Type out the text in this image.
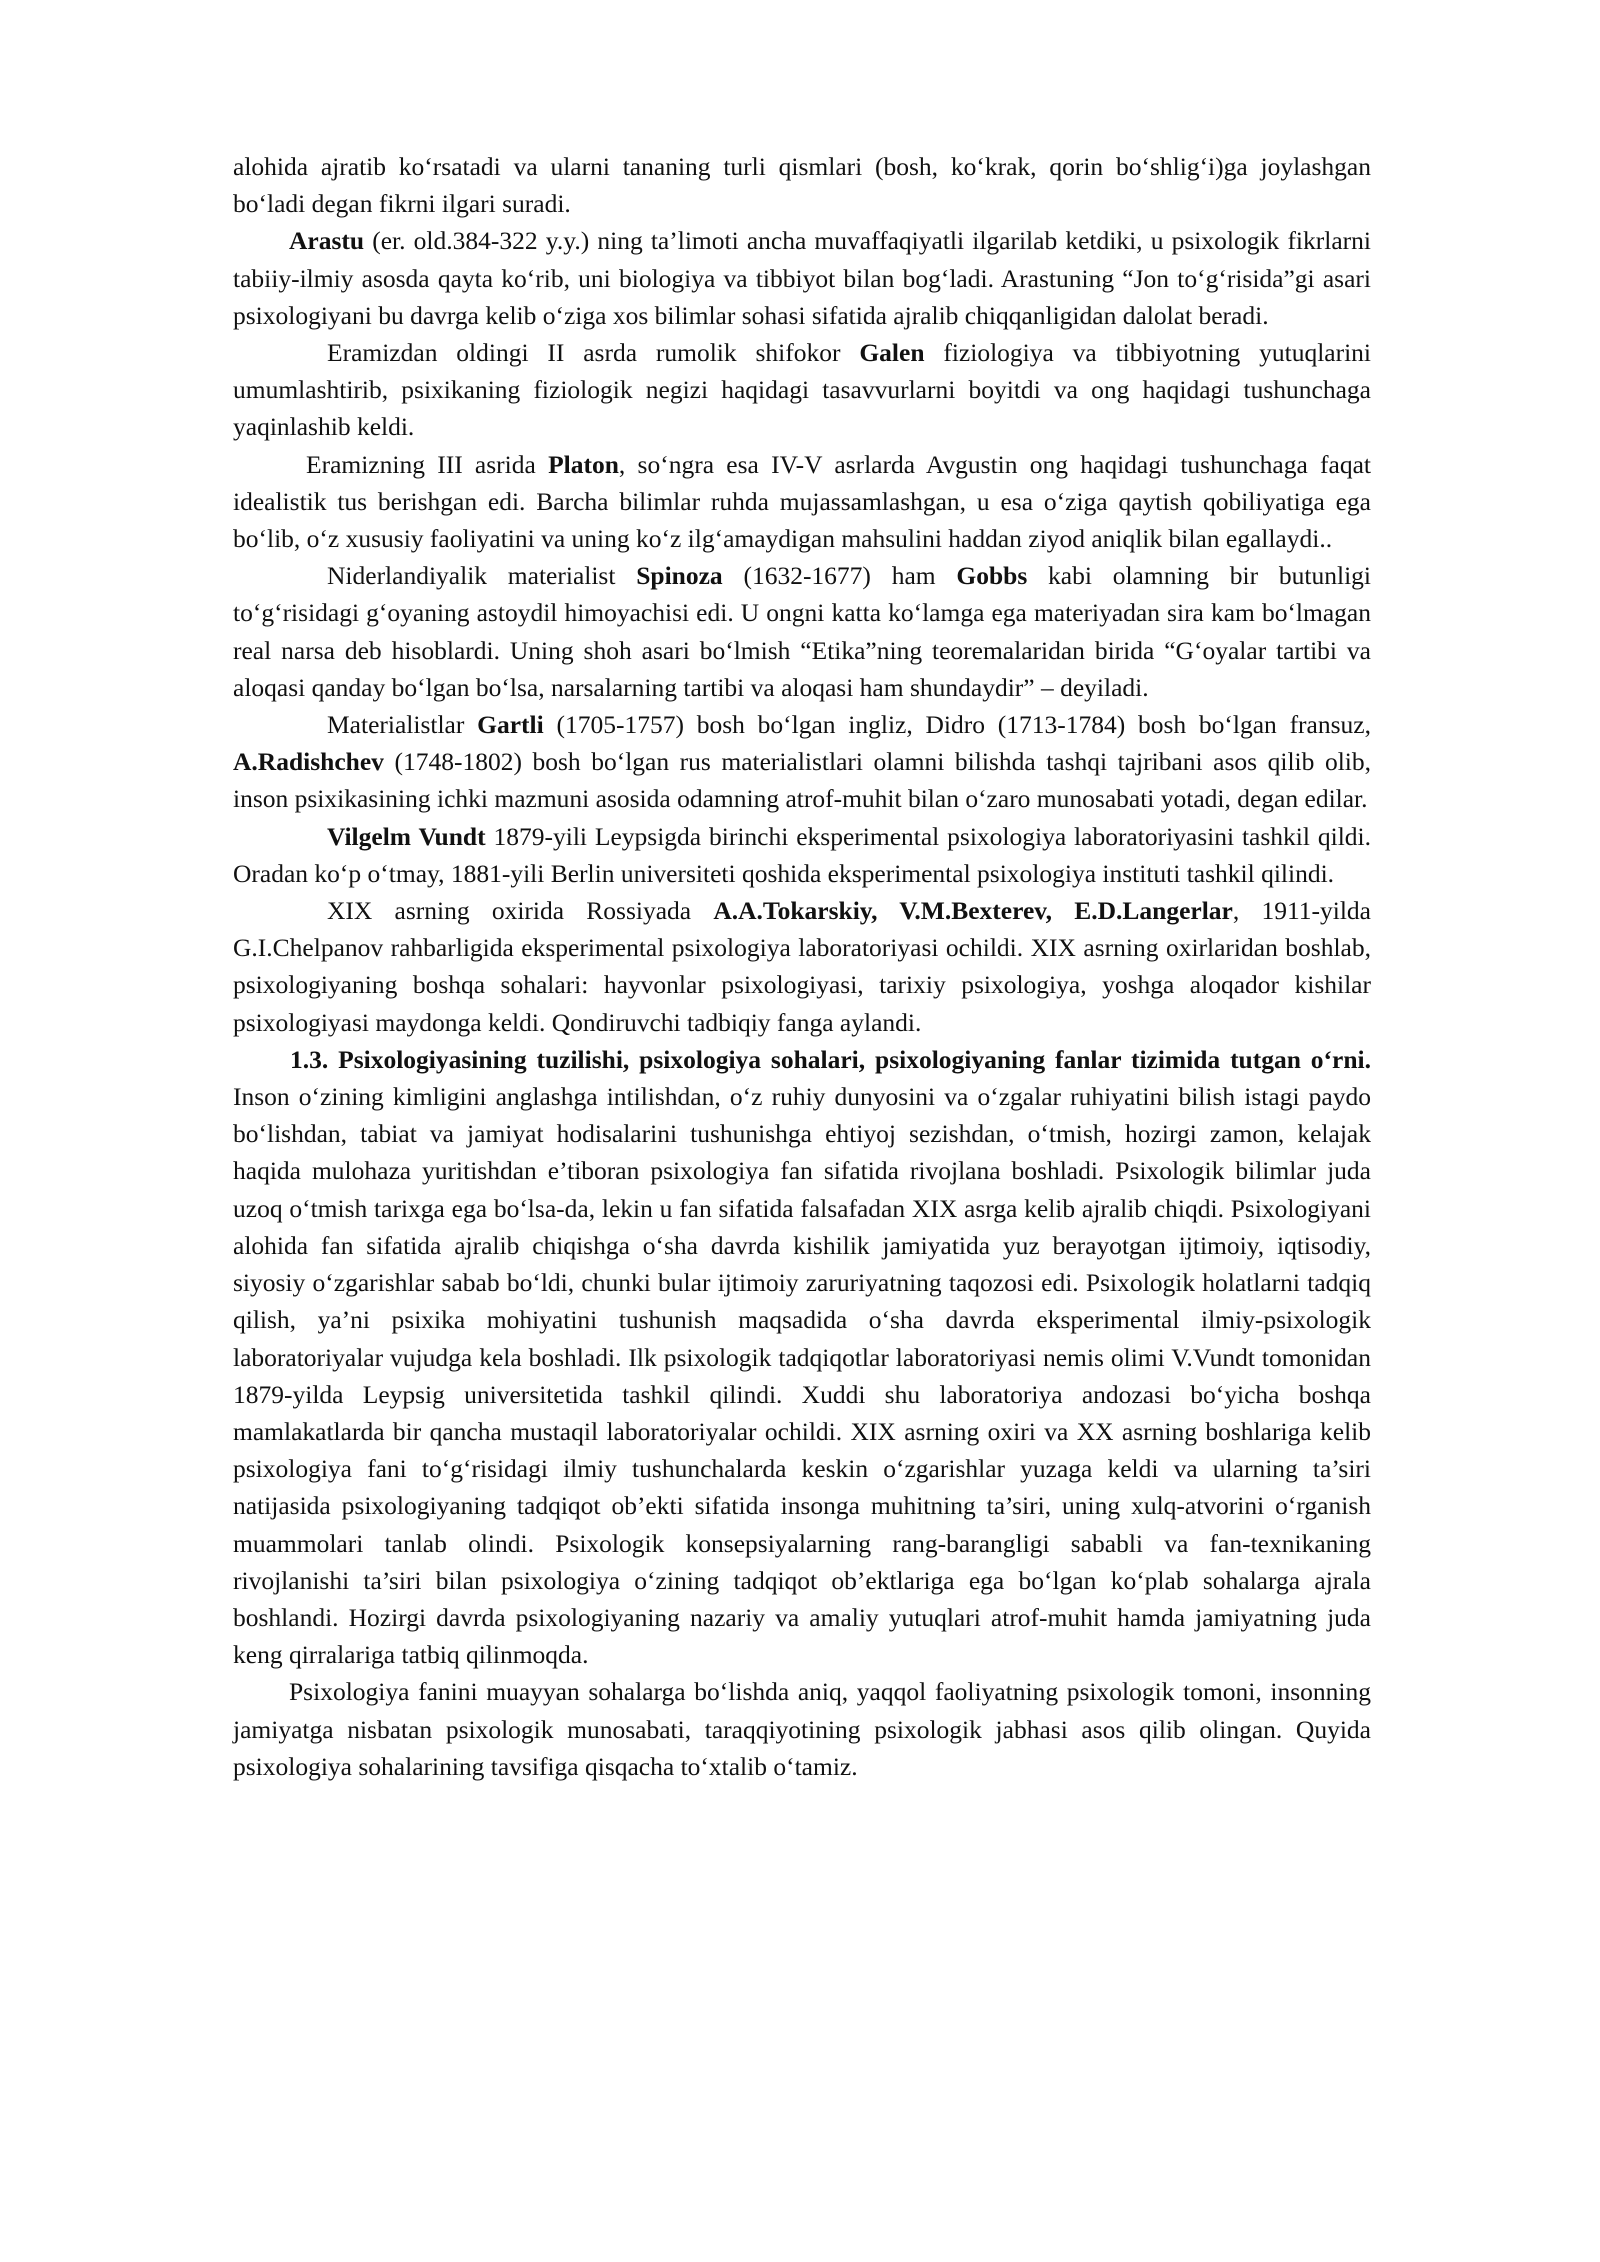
alohida ajratib koʻrsatadi va ularni tananing turli qismlari (bosh, koʻkrak, qorin boʻshligʻi)ga joylashgan boʻladi degan fikrni ilgari suradi.

Arastu (er. old.384-322 y.y.) ning ta’limoti ancha muvaffaqiyatli ilgarilab ketdiki, u psixologik fikrlarni tabiiy-ilmiy asosda qayta koʻrib, uni biologiya va tibbiyot bilan bogʻladi. Arastuning “Jon toʻgʻrisida”gi asari psixologiyani bu davrga kelib oʻziga xos bilimlar sohasi sifatida ajralib chiqqanligidan dalolat beradi.

Eramizdan oldingi II asrda rumolik shifokor Galen fiziologiya va tibbiyotning yutuqlarini umumlashtirib, psixikaning fiziologik negizi haqidagi tasavvurlarni boyitdi va ong haqidagi tushunchaga yaqinlashib keldi.

Eramizning III asrida Platon, soʻngra esa IV-V asrlarda Avgustin ong haqidagi tushunchaga faqat idealistik tus berishgan edi. Barcha bilimlar ruhda mujassamlashgan, u esa oʻziga qaytish qobiliyatiga ega boʻlib, oʻz xususiy faoliyatini va uning koʻz ilgʻamaydigan mahsulini haddan ziyod aniqlik bilan egallaydi..

Niderlandiyalik materialist Spinoza (1632-1677) ham Gobbs kabi olamning bir butunligi toʻgʻrisidagi gʻoyaning astoydil himoyachisi edi. U ongni katta koʻlamga ega materiyadan sira kam boʻlmagan real narsa deb hisoblardi. Uning shoh asari boʻlmish “Etika”ning teoremalaridan birida “Gʻoyalar tartibi va aloqasi qanday boʻlgan boʻlsa, narsalarning tartibi va aloqasi ham shundaydir” – deyiladi.

Materialistlar Gartli (1705-1757) bosh boʻlgan ingliz, Didro (1713-1784) bosh boʻlgan fransuz, A.Radishchev (1748-1802) bosh boʻlgan rus materialistlari olamni bilishda tashqi tajribani asos qilib olib, inson psixikasining ichki mazmuni asosida odamning atrof-muhit bilan oʻzaro munosabati yotadi, degan edilar.

Vilgelm Vundt 1879-yili Leypsigda birinchi eksperimental psixologiya laboratoriyasini tashkil qildi. Oradan koʻp oʻtmay, 1881-yili Berlin universiteti qoshida eksperimental psixologiya instituti tashkil qilindi.

XIX asrning oxirida Rossiyada A.A.Tokarskiy, V.M.Bexterev, E.D.Langerlar, 1911-yilda G.I.Chelpanov rahbarligida eksperimental psixologiya laboratoriyasi ochildi. XIX asrning oxirlaridan boshlab, psixologiyaning boshqa sohalari: hayvonlar psixologiyasi, tarixiy psixologiya, yoshga aloqador kishilar psixologiyasi maydonga keldi. Qondiruvchi tadbiqiy fanga aylandi.

1.3. Psixologiyasining tuzilishi, psixologiya sohalari, psixologiyaning fanlar tizimida tutgan oʻrni. Inson oʻzining kimligini anglashga intilishdan, oʻz ruhiy dunyosini va oʻzgalar ruhiyatini bilish istagi paydo boʻlishdan, tabiat va jamiyat hodisalarini tushunishga ehtiyoj sezishdan, oʻtmish, hozirgi zamon, kelajak haqida mulohaza yuritishdan e’tiboran psixologiya fan sifatida rivojlana boshladi. Psixologik bilimlar juda uzoq oʻtmish tarixga ega boʻlsa-da, lekin u fan sifatida falsafadan XIX asrga kelib ajralib chiqdi. Psixologiyani alohida fan sifatida ajralib chiqishga oʻsha davrda kishilik jamiyatida yuz berayotgan ijtimoiy, iqtisodiy, siyosiy oʻzgarishlar sabab boʻldi, chunki bular ijtimoiy zaruriyatning taqozosi edi. Psixologik holatlarni tadqiq qilish, ya’ni psixika mohiyatini tushunish maqsadida oʻsha davrda eksperimental ilmiy-psixologik laboratoriyalar vujudga kela boshladi. Ilk psixologik tadqiqotlar laboratoriyasi nemis olimi V.Vundt tomonidan 1879-yilda Leypsig universitetida tashkil qilindi. Xuddi shu laboratoriya andozasi boʻyicha boshqa mamlakatlarda bir qancha mustaqil laboratoriyalar ochildi. XIX asrning oxiri va XX asrning boshlariga kelib psixologiya fani toʻgʻrisidagi ilmiy tushunchalarda keskin oʻzgarishlar yuzaga keldi va ularning ta’siri natijasida psixologiyaning tadqiqot ob’ekti sifatida insonga muhitning ta’siri, uning xulq-atvorini oʻrganish muammolari tanlab olindi. Psixologik konsepsiyalarning rang-barangligi sababli va fan-texnikaning rivojlanishi ta’siri bilan psixologiya oʻzining tadqiqot ob’ektlariga ega boʻlgan koʻplab sohalarga ajrala boshlandi. Hozirgi davrda psixologiyaning nazariy va amaliy yutuqlari atrof-muhit hamda jamiyatning juda keng qirralariga tatbiq qilinmoqda.

Psixologiya fanini muayyan sohalarga boʻlishda aniq, yaqqol faoliyatning psixologik tomoni, insonning jamiyatga nisbatan psixologik munosabati, taraqqiyotining psixologik jabhasi asos qilib olingan. Quyida psixologiya sohalarining tavsifiga qisqacha toʻxtalib oʻtamiz.
